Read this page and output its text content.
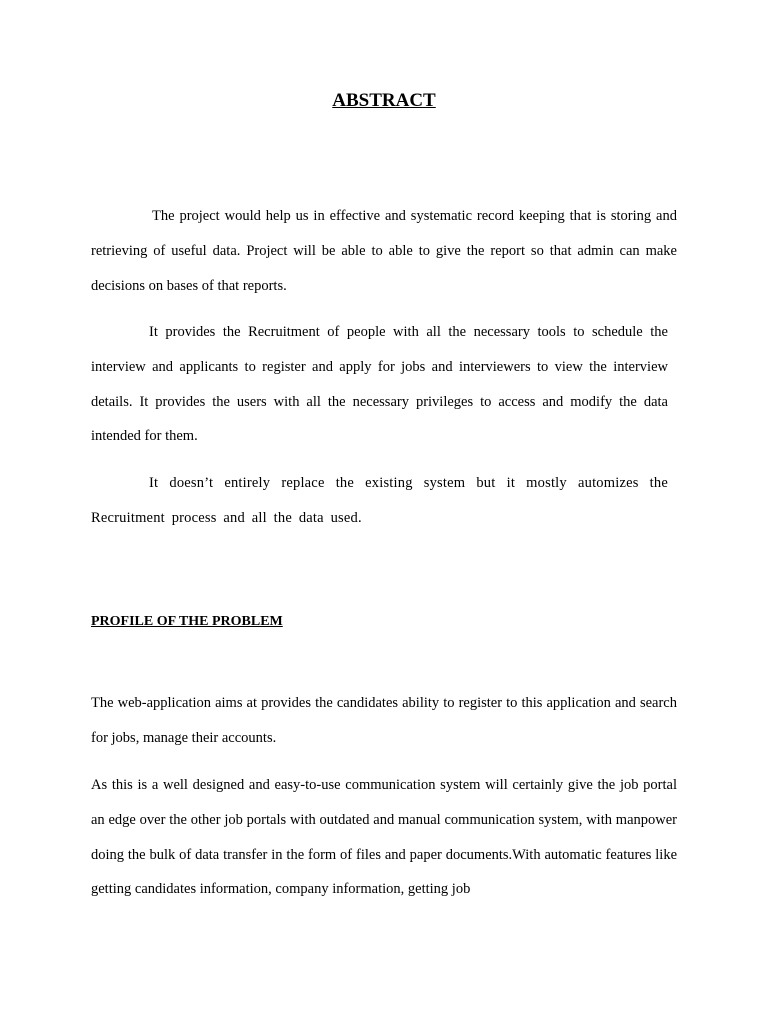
ABSTRACT

The project would help us in effective and systematic record keeping that is storing and retrieving of useful data. Project will be able to able to give the report so that admin can make decisions on bases of that reports.

It provides the Recruitment of people with all the necessary tools to schedule the interview and applicants to register and apply for jobs and interviewers to view the interview details. It provides the users with all the necessary privileges to access and modify the data intended for them.

It doesn’t entirely replace the existing system but it mostly automizes the Recruitment process and all the data used.

PROFILE OF THE PROBLEM

The web-application aims at provides the candidates ability to register to this application and search for jobs, manage their accounts.

As this is a well designed and easy-to-use communication system will certainly give the job portal an edge over the other job portals with outdated and manual communication system, with manpower doing the bulk of data transfer in the form of files and paper documents.With automatic features like getting candidates information, company information, getting job
